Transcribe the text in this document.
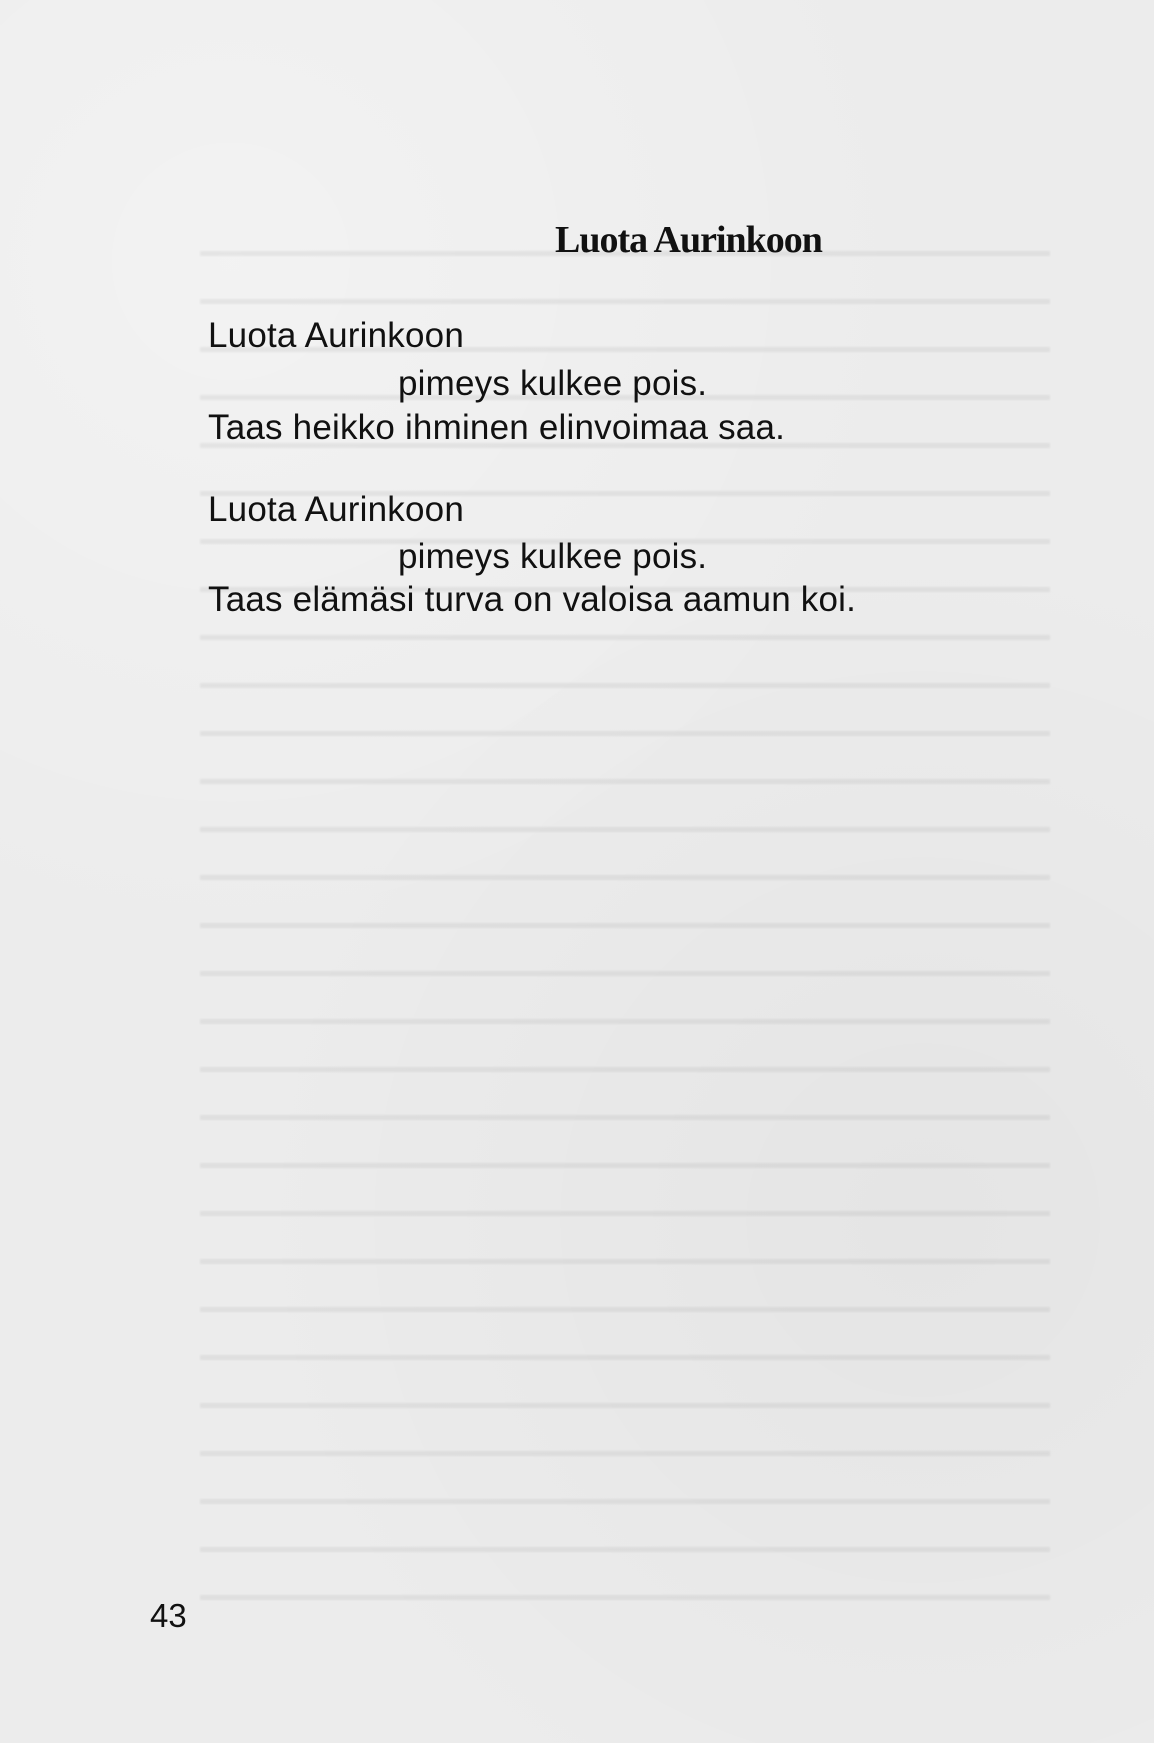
Luota Aurinkoon
Luota Aurinkoon
pimeys kulkee pois.
Taas heikko ihminen elinvoimaa saa.
Luota Aurinkoon
pimeys kulkee pois.
Taas elämäsi turva on valoisa aamun koi.
43
